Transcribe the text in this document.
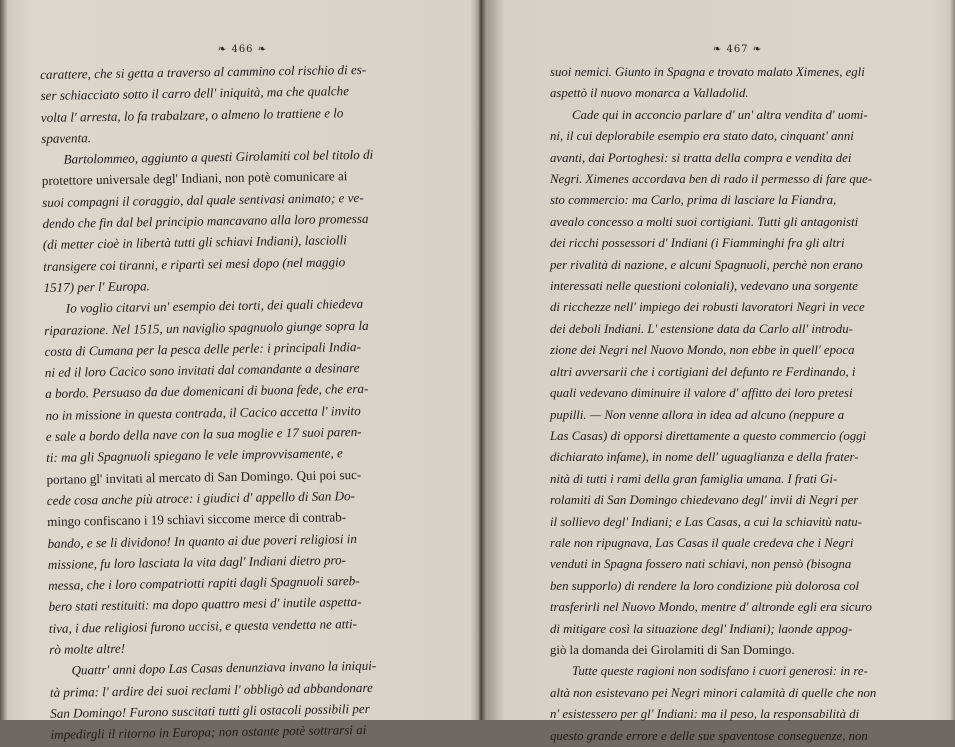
❧ 466 ❧
carattere, che si getta a traverso al cammino col rischio di es-
ser schiacciato sotto il carro dell' iniquità, ma che qualche
volta l' arresta, lo fa trabalzare, o almeno lo trattiene e lo
spaventa.
Bartolommeo, aggiunto a questi Girolamiti col bel titolo di
protettore universale degl' Indiani, non potè comunicare ai
suoi compagni il coraggio, dal quale sentivasi animato; e ve-
dendo che fin dal bel principio mancavano alla loro promessa
(di metter cioè in libertà tutti gli schiavi Indiani), lasciolli
transigere coi tiranni, e ripartì sei mesi dopo (nel maggio
1517) per l' Europa.
Io voglio citarvi un' esempio dei torti, dei quali chiedeva
riparazione. Nel 1515, un naviglio spagnuolo giunge sopra la
costa di Cumana per la pesca delle perle: i principali India-
ni ed il loro Cacico sono invitati dal comandante a desinare
a bordo. Persuaso da due domenicani di buona fede, che era-
no in missione in questa contrada, il Cacico accetta l' invito
e sale a bordo della nave con la sua moglie e 17 suoi paren-
ti: ma gli Spagnuoli spiegano le vele improvvisamente, e
portano gl' invitati al mercato di San Domingo. Qui poi suc-
cede cosa anche più atroce: i giudici d' appello di San Do-
mingo confiscano i 19 schiavi siccome merce di contrab-
bando, e se li dividono! In quanto ai due poveri religiosi in
missione, fu loro lasciata la vita dagl' Indiani dietro pro-
messa, che i loro compatriotti rapiti dagli Spagnuoli sareb-
bero stati restituiti: ma dopo quattro mesi d' inutile aspetta-
tiva, i due religiosi furono uccisi, e questa vendetta ne atti-
rò molte altre!
Quattr' anni dopo Las Casas denunziava invano la iniqui-
tà prima: l' ardire dei suoi reclami l' obbligò ad abbandonare
San Domingo! Furono suscitati tutti gli ostacoli possibili per
impedirgli il ritorno in Europa; non ostante potè sottrarsi ai
❧ 467 ❧
suoi nemici. Giunto in Spagna e trovato malato Ximenes, egli
aspettò il nuovo monarca a Valladolid.
Cade qui in acconcio parlare d' un' altra vendita d' uomi-
ni, il cui deplorabile esempio era stato dato, cinquant' anni
avanti, dai Portoghesi: si tratta della compra e vendita dei
Negri. Ximenes accordava ben di rado il permesso di fare que-
sto commercio: ma Carlo, prima di lasciare la Fiandra,
avealo concesso a molti suoi cortigiani. Tutti gli antagonisti
dei ricchi possessori d' Indiani (i Fiamminghi fra gli altri
per rivalità di nazione, e alcuni Spagnuoli, perchè non erano
interessati nelle questioni coloniali), vedevano una sorgente
di ricchezze nell' impiego dei robusti lavoratori Negri in vece
dei deboli Indiani. L' estensione data da Carlo all' introdu-
zione dei Negri nel Nuovo Mondo, non ebbe in quell' epoca
altri avversarii che i cortigiani del defunto re Ferdinando, i
quali vedevano diminuire il valore d' affitto dei loro pretesi
pupilli. — Non venne allora in idea ad alcuno (neppure a
Las Casas) di opporsi direttamente a questo commercio (oggi
dichiarato infame), in nome dell' uguaglianza e della frater-
nità di tutti i rami della gran famiglia umana. I frati Gi-
rolamiti di San Domingo chiedevano degl' invii di Negri per
il sollievo degl' Indiani; e Las Casas, a cui la schiavitù natu-
rale non ripugnava, Las Casas il quale credeva che i Negri
venduti in Spagna fossero nati schiavi, non pensò (bisogna
ben supporlo) di rendere la loro condizione più dolorosa col
trasferirli nel Nuovo Mondo, mentre d' altronde egli era sicuro
di mitigare così la situazione degl' Indiani); laonde appog-
giò la domanda dei Girolamiti di San Domingo.
Tutte queste ragioni non sodisfano i cuori generosi: in re-
altà non esistevano pei Negri minori calamità di quelle che non
n' esistessero per gl' Indiani: ma il peso, la responsabilità di
questo grande errore e delle sue spaventose conseguenze, non
